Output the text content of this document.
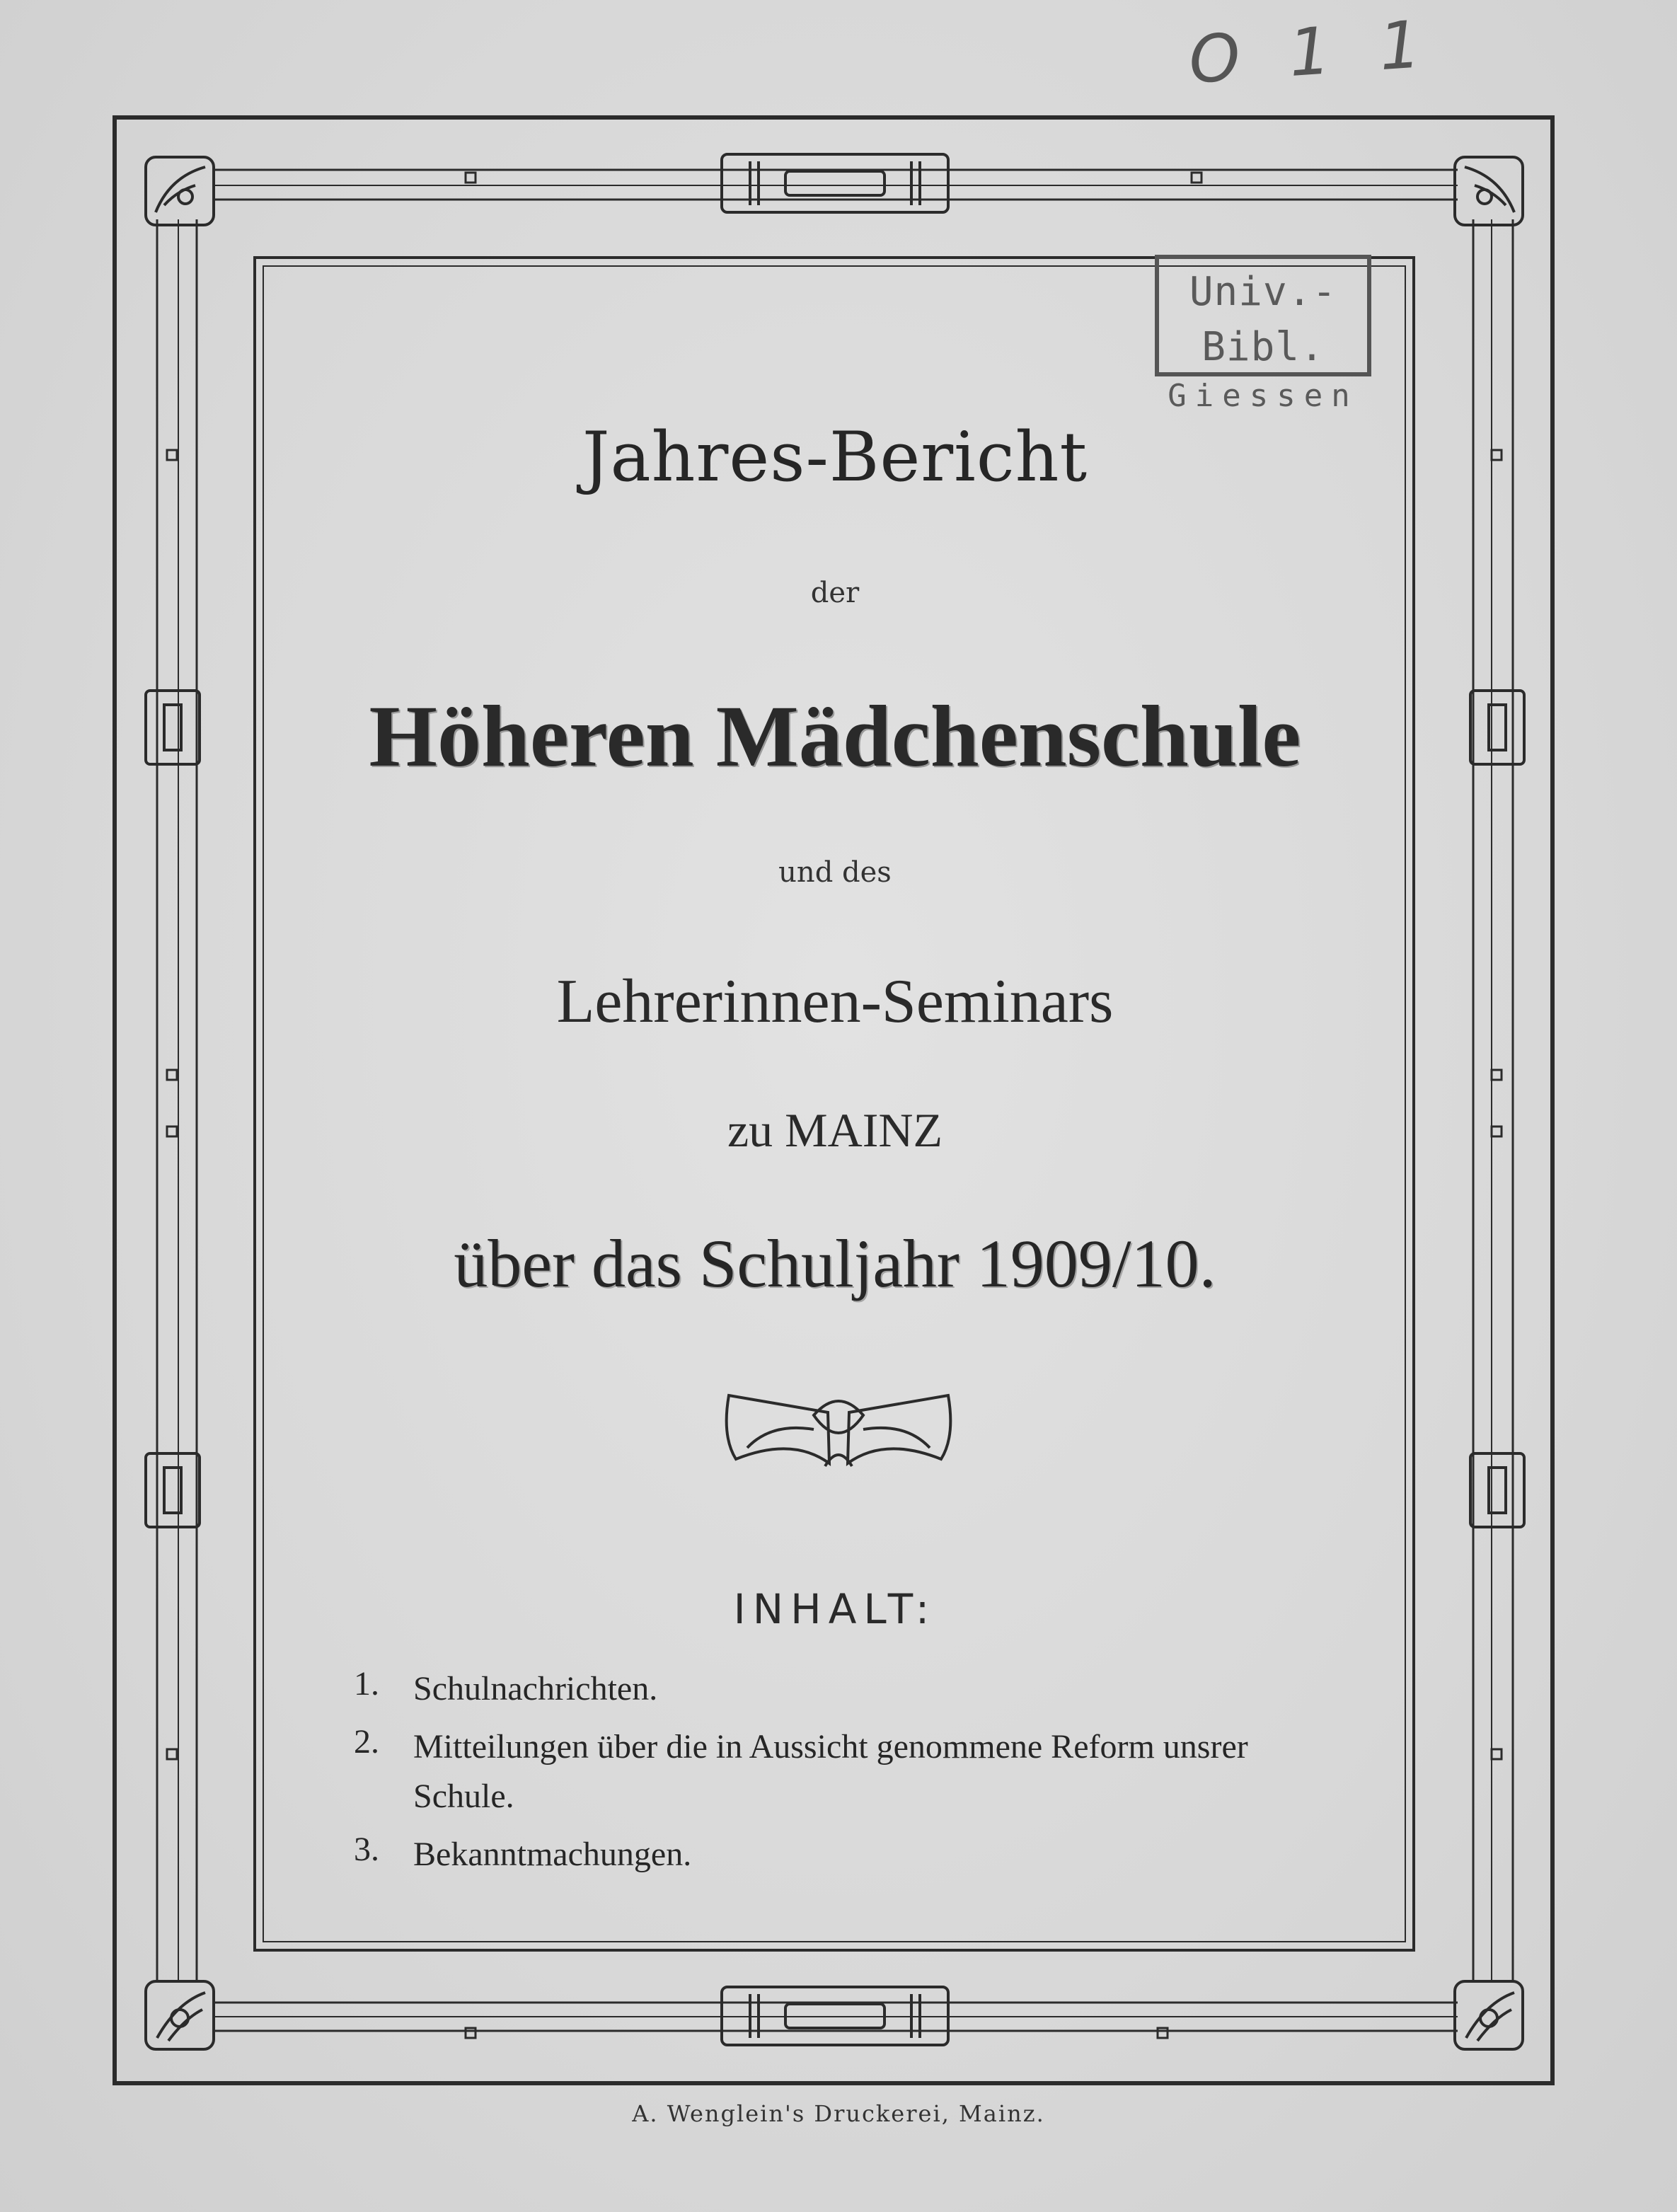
O 1 1
Univ.-Bibl.
Giessen
Jahres-Bericht
der
Höheren Mädchenschule
und des
Lehrerinnen-Seminars
zu MAINZ
über das Schuljahr 1909/10.
INHALT:
1.	Schulnachrichten.
2.	Mitteilungen über die in Aussicht genommene Reform unsrer Schule.
3.	Bekanntmachungen.
A. Wenglein's Druckerei, Mainz.
